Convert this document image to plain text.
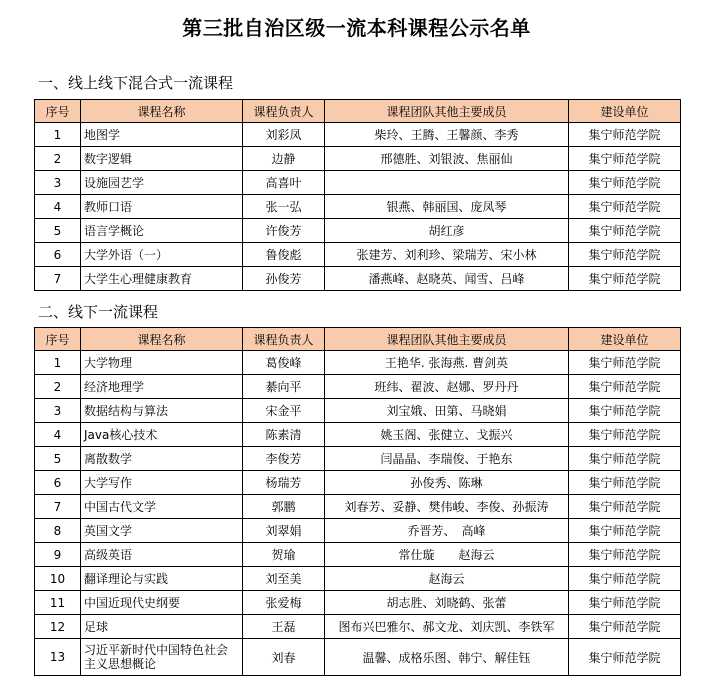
第三批自治区级一流本科课程公示名单
一、线上线下混合式一流课程
序号	课程名称	课程负责人	课程团队其他主要成员	建设单位
1	地图学	刘彩凤	柴玲、王腾、王馨颜、李秀	集宁师范学院
2	数字逻辑	边静	邢德胜、刘银波、焦丽仙	集宁师范学院
3	设施园艺学	高喜叶		集宁师范学院
4	教师口语	张一弘	银燕、韩丽国、庞凤琴	集宁师范学院
5	语言学概论	许俊芳	胡红彦	集宁师范学院
6	大学外语（一）	鲁俊彪	张建芳、刘利珍、梁瑞芳、宋小林	集宁师范学院
7	大学生心理健康教育	孙俊芳	潘燕峰、赵晓英、闻雪、吕峰	集宁师范学院
二、线下一流课程
序号	课程名称	课程负责人	课程团队其他主要成员	建设单位
1	大学物理	葛俊峰	王艳华. 张海燕. 曹剑英	集宁师范学院
2	经济地理学	綦向平	班纬、翟波、赵娜、罗丹丹	集宁师范学院
3	数据结构与算法	宋金平	刘宝娥、田第、马晓娟	集宁师范学院
4	Java核心技术	陈素清	姚玉阁、张健立、戈振兴	集宁师范学院
5	离散数学	李俊芳	闫晶晶、李瑞俊、于艳东	集宁师范学院
6	大学写作	杨瑞芳	孙俊秀、陈琳	集宁师范学院
7	中国古代文学	郭鹏	刘春芳、妥静、樊伟峻、李俊、孙振涛	集宁师范学院
8	英国文学	刘翠娟	乔晋芳、　高峰	集宁师范学院
9	高级英语	贺瑜	常仕璇　　赵海云	集宁师范学院
10	翻译理论与实践	刘至美	赵海云	集宁师范学院
11	中国近现代史纲要	张爱梅	胡志胜、刘晓鹤、张蕾	集宁师范学院
12	足球	王磊	图布兴巴雅尔、郝文龙、刘庆凯、李铁军	集宁师范学院
13	习近平新时代中国特色社会主义思想概论	刘春	温馨、成格乐图、韩宁、解佳钰	集宁师范学院
